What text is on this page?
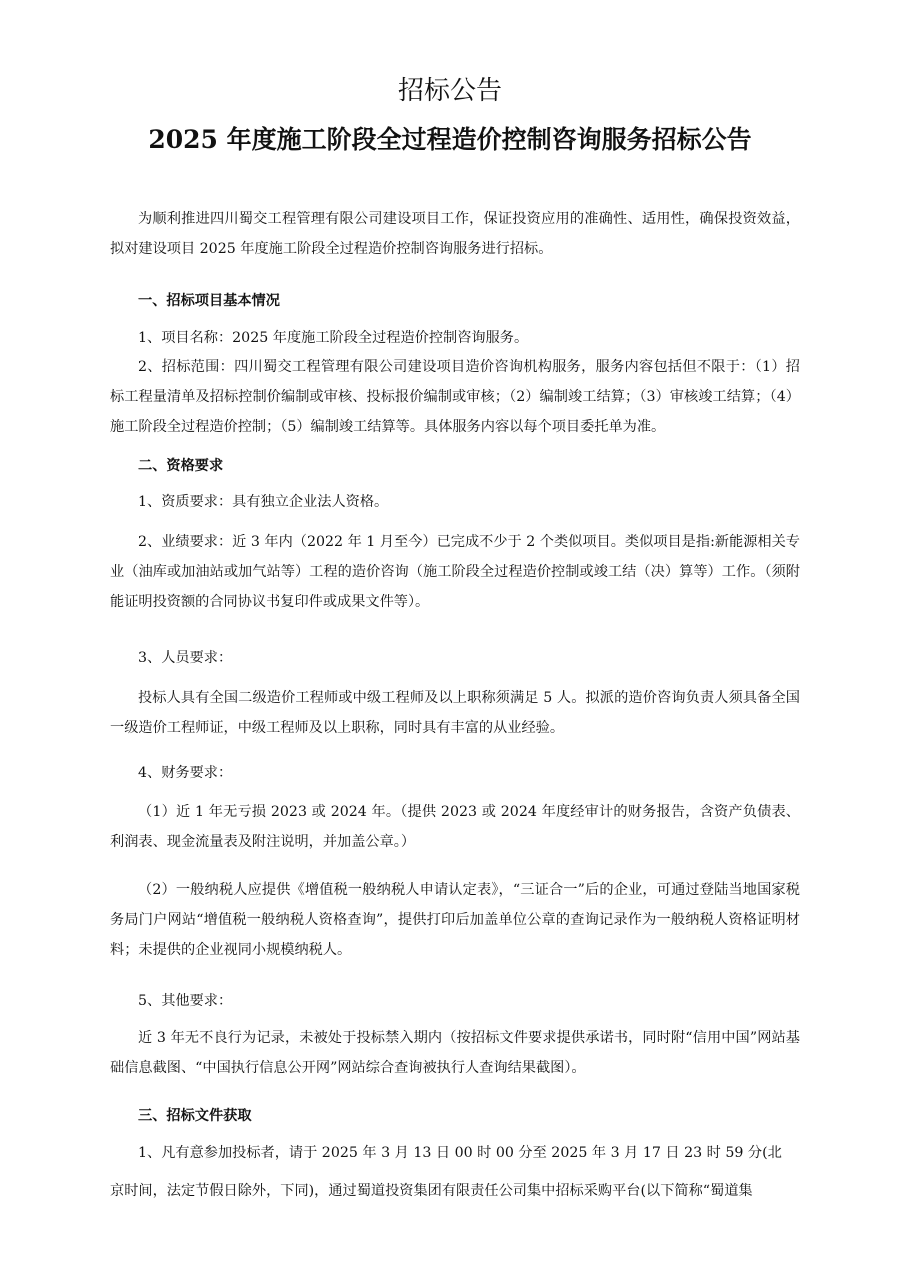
招标公告
2025 年度施工阶段全过程造价控制咨询服务招标公告

为顺利推进四川蜀交工程管理有限公司建设项目工作，保证投资应用的准确性、适用性，确保投资效益，拟对建设项目 2025 年度施工阶段全过程造价控制咨询服务进行招标。

一、招标项目基本情况

1、项目名称：2025 年度施工阶段全过程造价控制咨询服务。

2、招标范围：四川蜀交工程管理有限公司建设项目造价咨询机构服务，服务内容包括但不限于：（1）招标工程量清单及招标控制价编制或审核、投标报价编制或审核；（2）编制竣工结算；（3）审核竣工结算；（4）施工阶段全过程造价控制；（5）编制竣工结算等。具体服务内容以每个项目委托单为准。

二、资格要求

1、资质要求：具有独立企业法人资格。

2、业绩要求：近 3 年内（2022 年 1 月至今）已完成不少于 2 个类似项目。类似项目是指:新能源相关专业（油库或加油站或加气站等）工程的造价咨询（施工阶段全过程造价控制或竣工结（决）算等）工作。（须附能证明投资额的合同协议书复印件或成果文件等）。

3、人员要求：

投标人具有全国二级造价工程师或中级工程师及以上职称须满足 5 人。拟派的造价咨询负责人须具备全国一级造价工程师证，中级工程师及以上职称，同时具有丰富的从业经验。

4、财务要求：

（1）近 1 年无亏损 2023 或 2024 年。（提供 2023 或 2024 年度经审计的财务报告，含资产负债表、利润表、现金流量表及附注说明，并加盖公章。）

（2）一般纳税人应提供《增值税一般纳税人申请认定表》，“三证合一”后的企业，可通过登陆当地国家税务局门户网站“增值税一般纳税人资格查询”，提供打印后加盖单位公章的查询记录作为一般纳税人资格证明材料；未提供的企业视同小规模纳税人。

5、其他要求：

近 3 年无不良行为记录，未被处于投标禁入期内（按招标文件要求提供承诺书，同时附“信用中国”网站基础信息截图、“中国执行信息公开网”网站综合查询被执行人查询结果截图）。

三、招标文件获取

1、凡有意参加投标者，请于 2025 年 3 月 13 日 00 时 00 分至 2025 年 3 月 17 日 23 时 59 分(北

京时间，法定节假日除外，下同)，通过蜀道投资集团有限责任公司集中招标采购平台(以下简称“蜀道集
